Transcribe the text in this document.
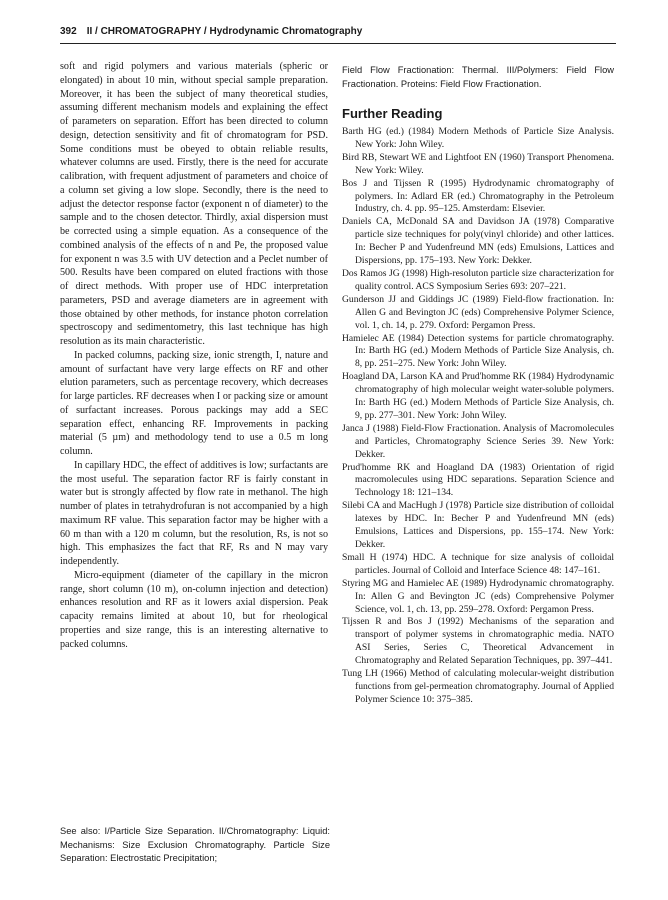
392 II / CHROMATOGRAPHY / Hydrodynamic Chromatography

soft and rigid polymers and various materials (spheric or elongated) in about 10 min, without special sample preparation. Moreover, it has been the subject of many theoretical studies, assuming different mechanism models and explaining the effect of parameters on separation. Effort has been directed to column design, detection sensitivity and fit of chromatogram for PSD. Some conditions must be obeyed to obtain reliable results, whatever columns are used. Firstly, there is the need for accurate calibration, with frequent adjustment of parameters and choice of a column set giving a low slope. Secondly, there is the need to adjust the detector response factor (exponent n of diameter) to the sample and to the chosen detector. Thirdly, axial dispersion must be corrected using a simple equation. As a consequence of the combined analysis of the effects of n and Pe, the proposed value for exponent n was 3.5 with UV detection and a Peclet number of 500. Results have been compared on eluted fractions with those of direct methods. With proper use of HDC interpretation parameters, PSD and average diameters are in agreement with those obtained by other methods, for instance photon correlation spectroscopy and sedimentometry, this last technique has high resolution as its main characteristic.

In packed columns, packing size, ionic strength, I, nature and amount of surfactant have very large effects on RF and other elution parameters, such as percentage recovery, which decreases for large particles. RF decreases when I or packing size or amount of surfactant increases. Porous packings may add a SEC separation effect, enhancing RF. Improvements in packing material (5 µm) and methodology tend to use a 0.5 m long column.

In capillary HDC, the effect of additives is low; surfactants are the most useful. The separation factor RF is fairly constant in water but is strongly affected by flow rate in methanol. The high number of plates in tetrahydrofuran is not accompanied by a high maximum RF value. This separation factor may be higher with a 60 m than with a 120 m column, but the resolution, Rs, is not so high. This emphasizes the fact that RF, Rs and N may vary independently.

Micro-equipment (diameter of the capillary in the micron range, short column (10 m), on-column injection and detection) enhances resolution and RF as it lowers axial dispersion. Peak capacity remains limited at about 10, but for rheological properties and size range, this is an interesting alternative to packed columns.

See also: I/Particle Size Separation. II/Chromatography: Liquid: Mechanisms: Size Exclusion Chromatography. Particle Size Separation: Electrostatic Precipitation;
Field Flow Fractionation: Thermal. III/Polymers: Field Flow Fractionation. Proteins: Field Flow Fractionation.
Further Reading

Barth HG (ed.) (1984) Modern Methods of Particle Size Analysis. New York: John Wiley.

Bird RB, Stewart WE and Lightfoot EN (1960) Transport Phenomena. New York: Wiley.

Bos J and Tijssen R (1995) Hydrodynamic chromatography of polymers. In: Adlard ER (ed.) Chromatography in the Petroleum Industry, ch. 4. pp. 95–125. Amsterdam: Elsevier.

Daniels CA, McDonald SA and Davidson JA (1978) Comparative particle size techniques for poly(vinyl chloride) and other lattices. In: Becher P and Yudenfreund MN (eds) Emulsions, Lattices and Dispersions, pp. 175–193. New York: Dekker.

Dos Ramos JG (1998) High-resoluton particle size characterization for quality control. ACS Symposium Series 693: 207–221.

Gunderson JJ and Giddings JC (1989) Field-flow fractionation. In: Allen G and Bevington JC (eds) Comprehensive Polymer Science, vol. 1, ch. 14, p. 279. Oxford: Pergamon Press.

Hamielec AE (1984) Detection systems for particle chromatography. In: Barth HG (ed.) Modern Methods of Particle Size Analysis, ch. 8, pp. 251–275. New York: John Wiley.

Hoagland DA, Larson KA and Prud'homme RK (1984) Hydrodynamic chromatography of high molecular weight water-soluble polymers. In: Barth HG (ed.) Modern Methods of Particle Size Analysis, ch. 9, pp. 277–301. New York: John Wiley.

Janca J (1988) Field-Flow Fractionation. Analysis of Macromolecules and Particles, Chromatography Science Series 39. New York: Dekker.

Prud'homme RK and Hoagland DA (1983) Orientation of rigid macromolecules using HDC separations. Separation Science and Technology 18: 121–134.

Silebi CA and MacHugh J (1978) Particle size distribution of colloidal latexes by HDC. In: Becher P and Yudenfreund MN (eds) Emulsions, Lattices and Dispersions, pp. 155–174. New York: Dekker.

Small H (1974) HDC. A technique for size analysis of colloidal particles. Journal of Colloid and Interface Science 48: 147–161.

Styring MG and Hamielec AE (1989) Hydrodynamic chromatography. In: Allen G and Bevington JC (eds) Comprehensive Polymer Science, vol. 1, ch. 13, pp. 259–278. Oxford: Pergamon Press.

Tijssen R and Bos J (1992) Mechanisms of the separation and transport of polymer systems in chromatographic media. NATO ASI Series, Series C, Theoretical Advancement in Chromatography and Related Separation Techniques, pp. 397–441.

Tung LH (1966) Method of calculating molecular-weight distribution functions from gel-permeation chromatography. Journal of Applied Polymer Science 10: 375–385.
